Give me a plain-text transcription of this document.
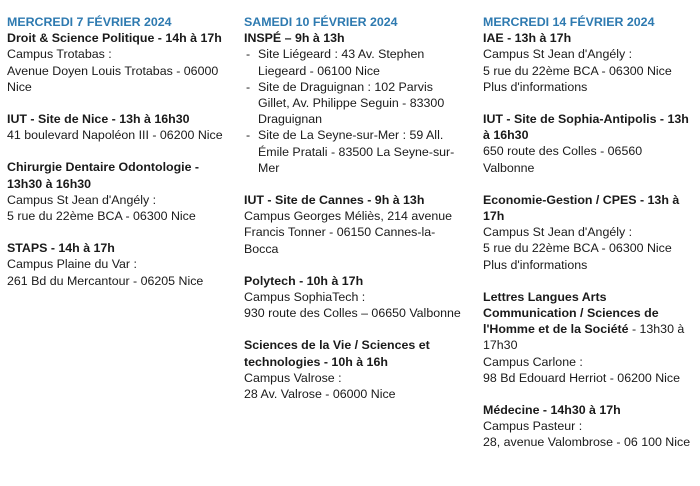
MERCREDI 7 FÉVRIER 2024
Droit & Science Politique - 14h à 17h

Campus Trotabas :

Avenue Doyen Louis Trotabas - 06000 Nice

IUT - Site de Nice - 13h à 16h30

41 boulevard Napoléon III - 06200 Nice

Chirurgie Dentaire Odontologie - 13h30 à 16h30

Campus St Jean d'Angély :

5 rue du 22ème BCA - 06300 Nice

STAPS - 14h à 17h

Campus Plaine du Var :

261 Bd du Mercantour - 06205 Nice

SAMEDI 10 FÉVRIER 2024
INSPÉ – 9h à 13h
- Site Liégeard : 43 Av. Stephen Liegeard - 06100 Nice
- Site de Draguignan : 102 Parvis Gillet, Av. Philippe Seguin - 83300 Draguignan
- Site de La Seyne-sur-Mer : 59 All. Émile Pratali - 83500 La Seyne-sur-Mer
IUT - Site de Cannes - 9h à 13h

Campus Georges Méliès, 214 avenue Francis Tonner - 06150 Cannes-la-Bocca

Polytech - 10h à 17h

Campus SophiaTech :

930 route des Colles – 06650 Valbonne

Sciences de la Vie / Sciences et technologies - 10h à 16h

Campus Valrose :

28 Av. Valrose - 06000 Nice

MERCREDI 14 FÉVRIER 2024
IAE - 13h à 17h

Campus St Jean d'Angély :

5 rue du 22ème BCA - 06300 Nice

Plus d'informations

IUT - Site de Sophia-Antipolis - 13h à 16h30

650 route des Colles - 06560 Valbonne

Economie-Gestion / CPES - 13h à 17h

Campus St Jean d'Angély :

5 rue du 22ème BCA - 06300 Nice

Plus d'informations

Lettres Langues Arts Communication / Sciences de l'Homme et de la Société - 13h30 à 17h30

Campus Carlone :

98 Bd Edouard Herriot - 06200 Nice

Médecine - 14h30 à 17h

Campus Pasteur :

28, avenue Valombrose - 06 100 Nice
